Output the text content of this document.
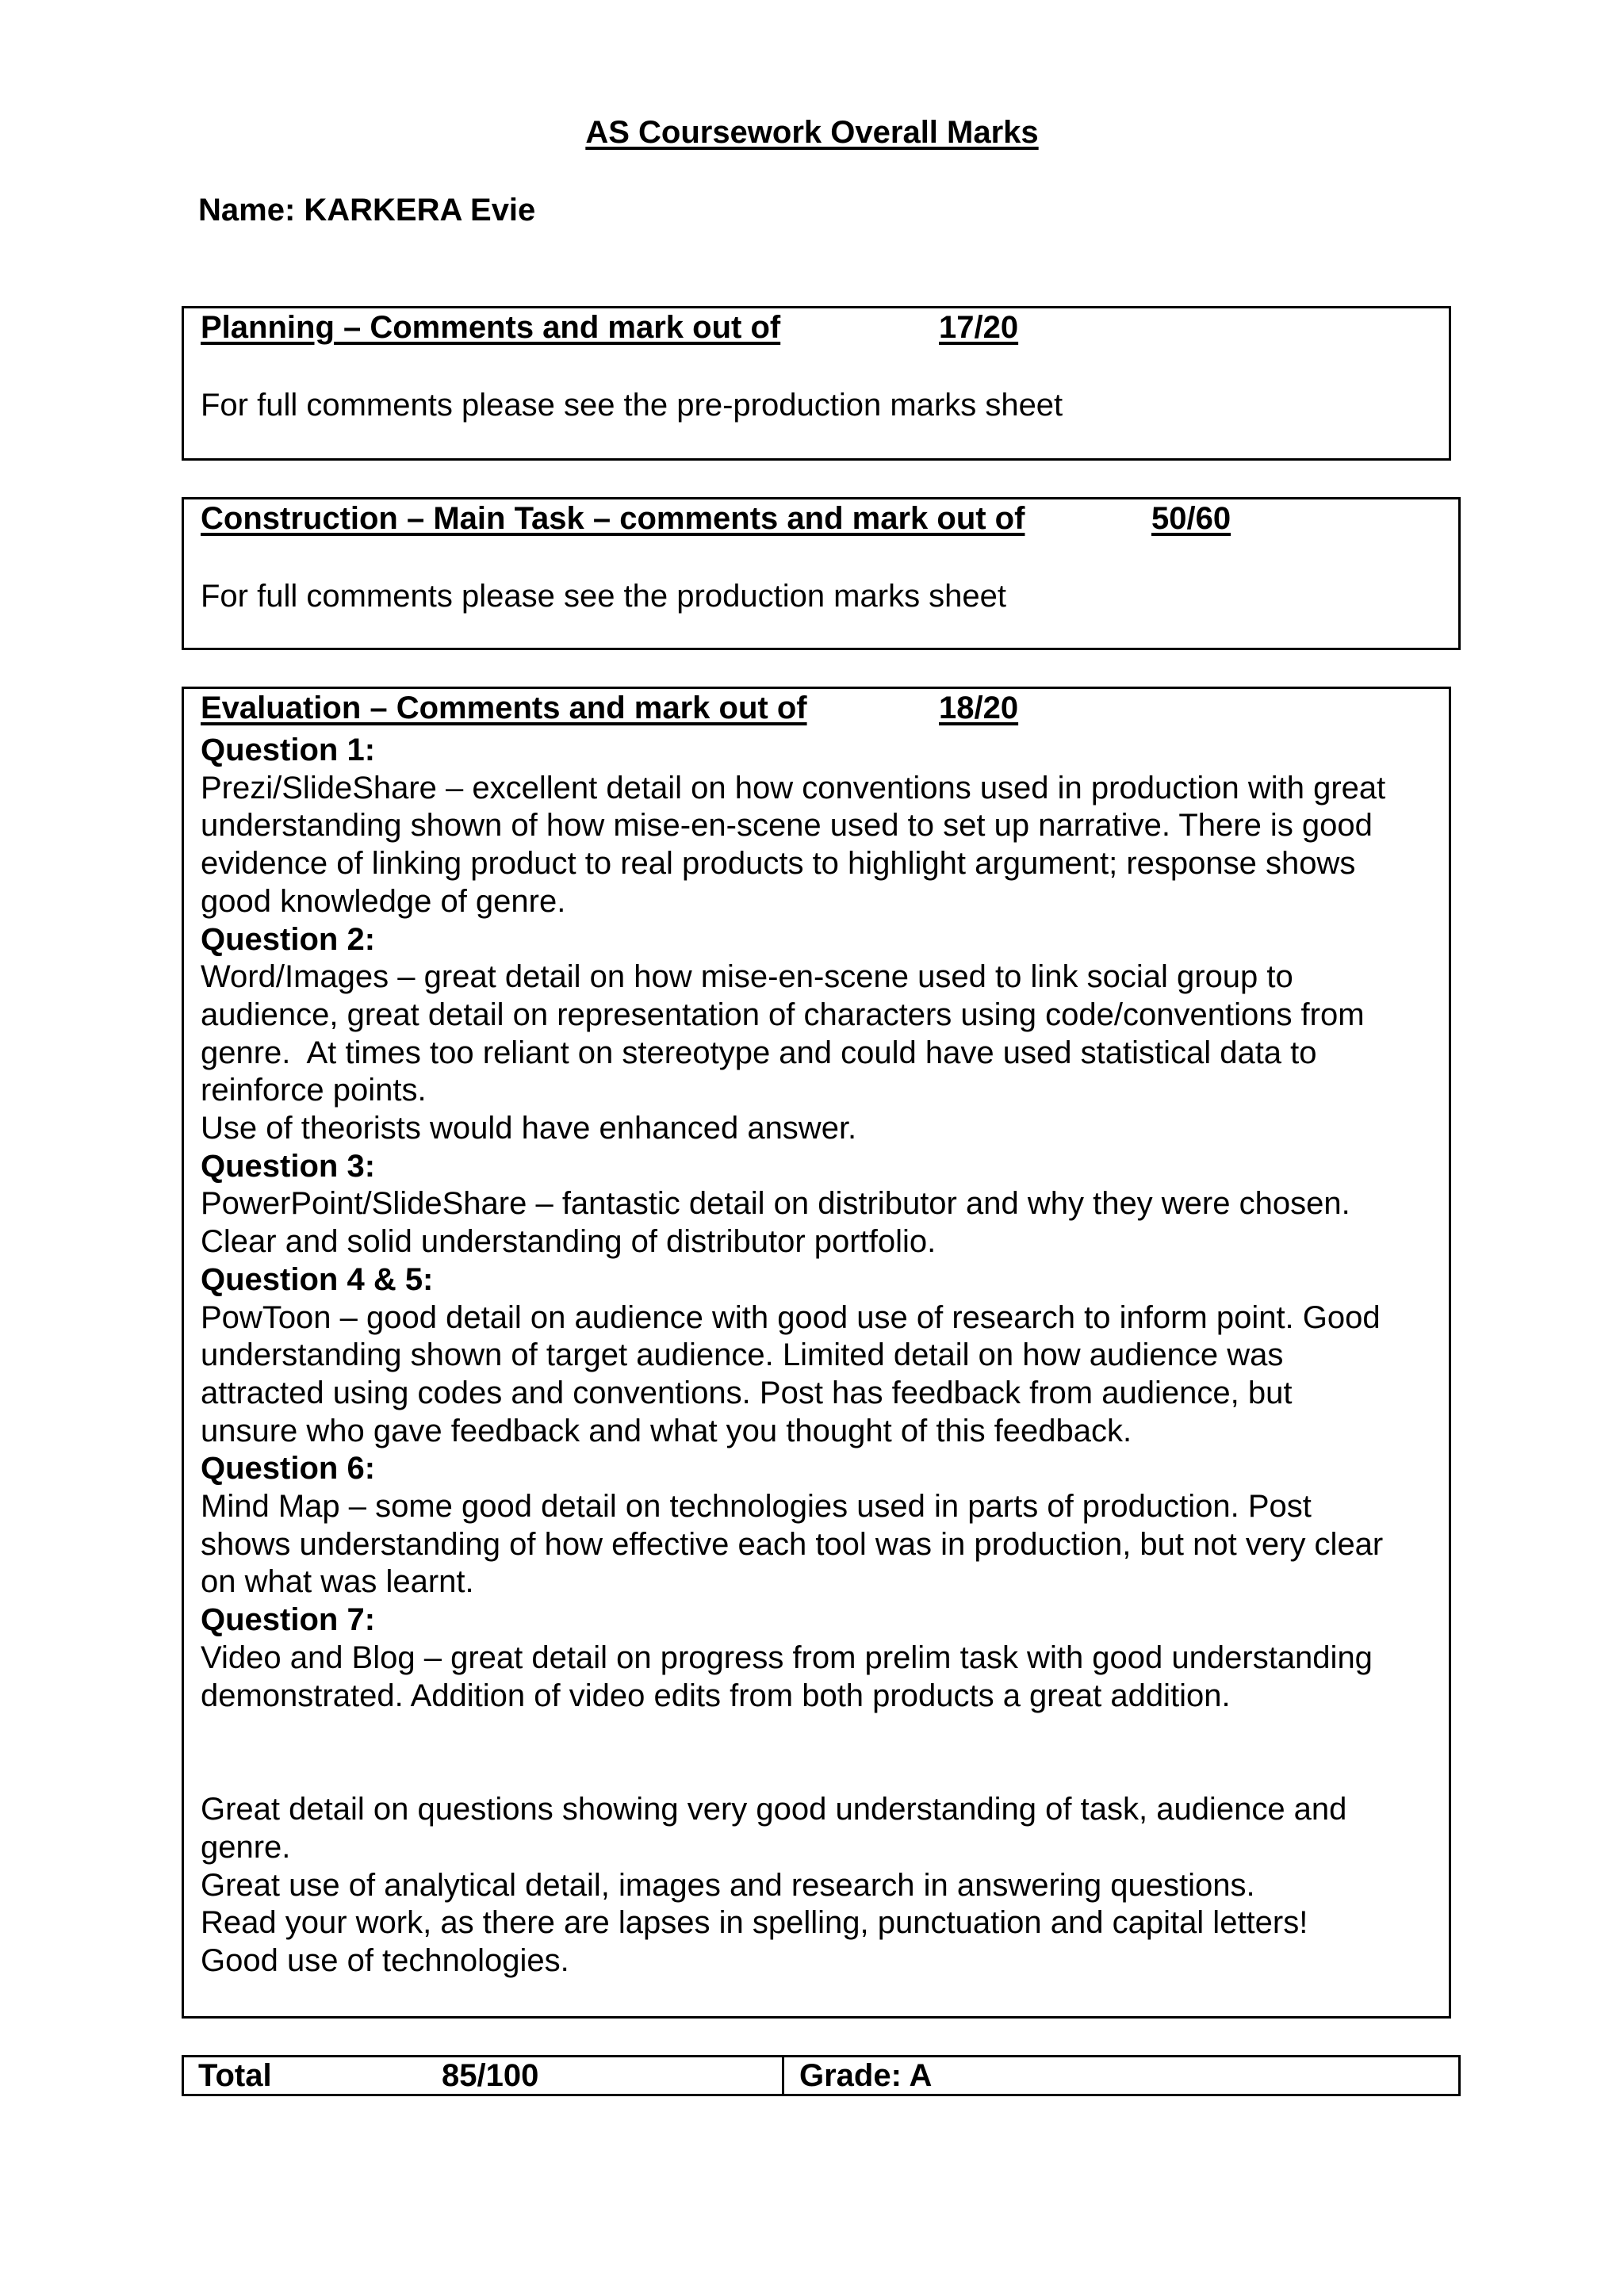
AS Coursework Overall Marks
Name: KARKERA Evie
Planning – Comments and mark out of	17/20
For full comments please see the pre-production marks sheet
Construction – Main Task – comments and mark out of	50/60
For full comments please see the production marks sheet
Evaluation – Comments and mark out of	18/20
Question 1:
Prezi/SlideShare – excellent detail on how conventions used in production with great
understanding shown of how mise-en-scene used to set up narrative. There is good
evidence of linking product to real products to highlight argument; response shows
good knowledge of genre.
Question 2:
Word/Images – great detail on how mise-en-scene used to link social group to
audience, great detail on representation of characters using code/conventions from
genre.  At times too reliant on stereotype and could have used statistical data to
reinforce points.
Use of theorists would have enhanced answer.
Question 3:
PowerPoint/SlideShare – fantastic detail on distributor and why they were chosen.
Clear and solid understanding of distributor portfolio.
Question 4 & 5:
PowToon – good detail on audience with good use of research to inform point. Good
understanding shown of target audience. Limited detail on how audience was
attracted using codes and conventions. Post has feedback from audience, but
unsure who gave feedback and what you thought of this feedback.
Question 6:
Mind Map – some good detail on technologies used in parts of production. Post
shows understanding of how effective each tool was in production, but not very clear
on what was learnt.
Question 7:
Video and Blog – great detail on progress from prelim task with good understanding
demonstrated. Addition of video edits from both products a great addition.
Great detail on questions showing very good understanding of task, audience and
genre.
Great use of analytical detail, images and research in answering questions.
Read your work, as there are lapses in spelling, punctuation and capital letters!
Good use of technologies.
Total	85/100	Grade: A
